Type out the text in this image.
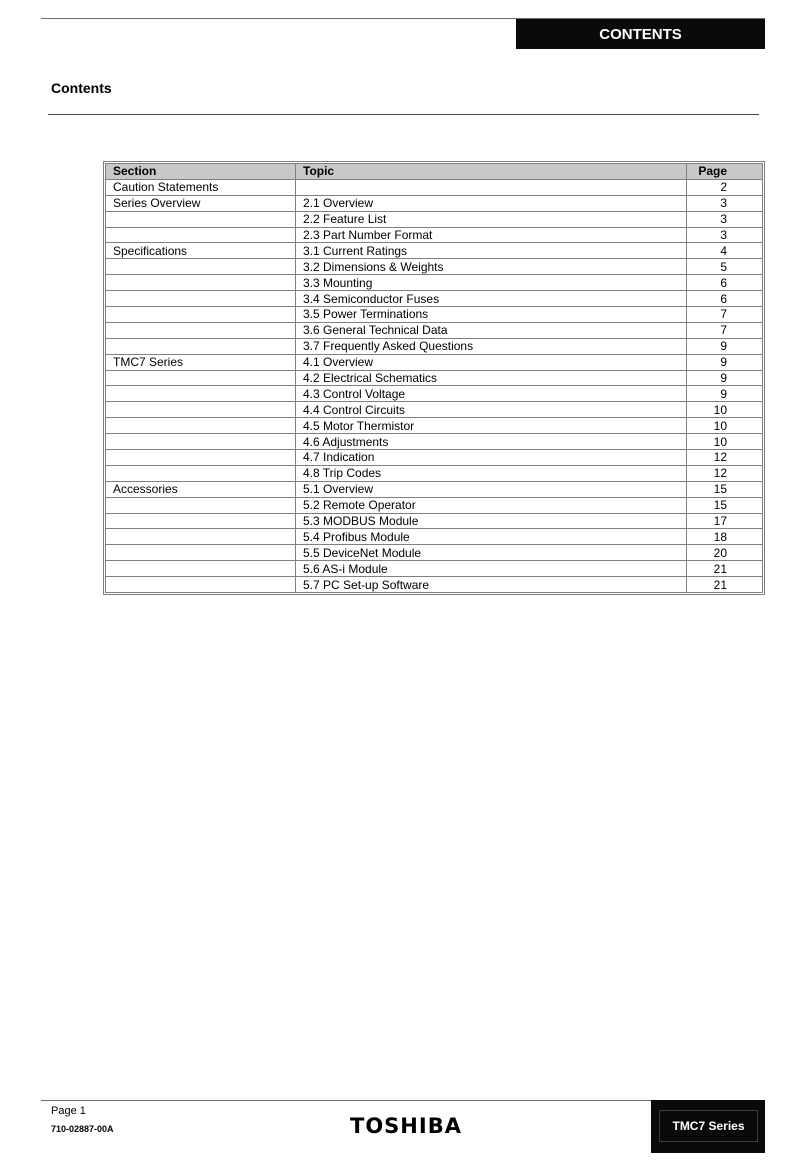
CONTENTS
Contents
Section	Topic	Page
Caution Statements		2
Series Overview	2.1 Overview	3
	2.2 Feature List	3
	2.3 Part Number Format	3
Specifications	3.1 Current Ratings	4
	3.2 Dimensions & Weights	5
	3.3 Mounting	6
	3.4 Semiconductor Fuses	6
	3.5 Power Terminations	7
	3.6 General Technical Data	7
	3.7 Frequently Asked Questions	9
TMC7 Series	4.1 Overview	9
	4.2 Electrical Schematics	9
	4.3 Control Voltage	9
	4.4 Control Circuits	10
	4.5 Motor Thermistor	10
	4.6 Adjustments	10
	4.7 Indication	12
	4.8 Trip Codes	12
Accessories	5.1 Overview	15
	5.2 Remote Operator	15
	5.3 MODBUS Module	17
	5.4 Profibus Module	18
	5.5 DeviceNet Module	20
	5.6 AS-i Module	21
	5.7 PC Set-up Software	21
Page 1
710-02887-00A	TOSHIBA	TMC7 Series
